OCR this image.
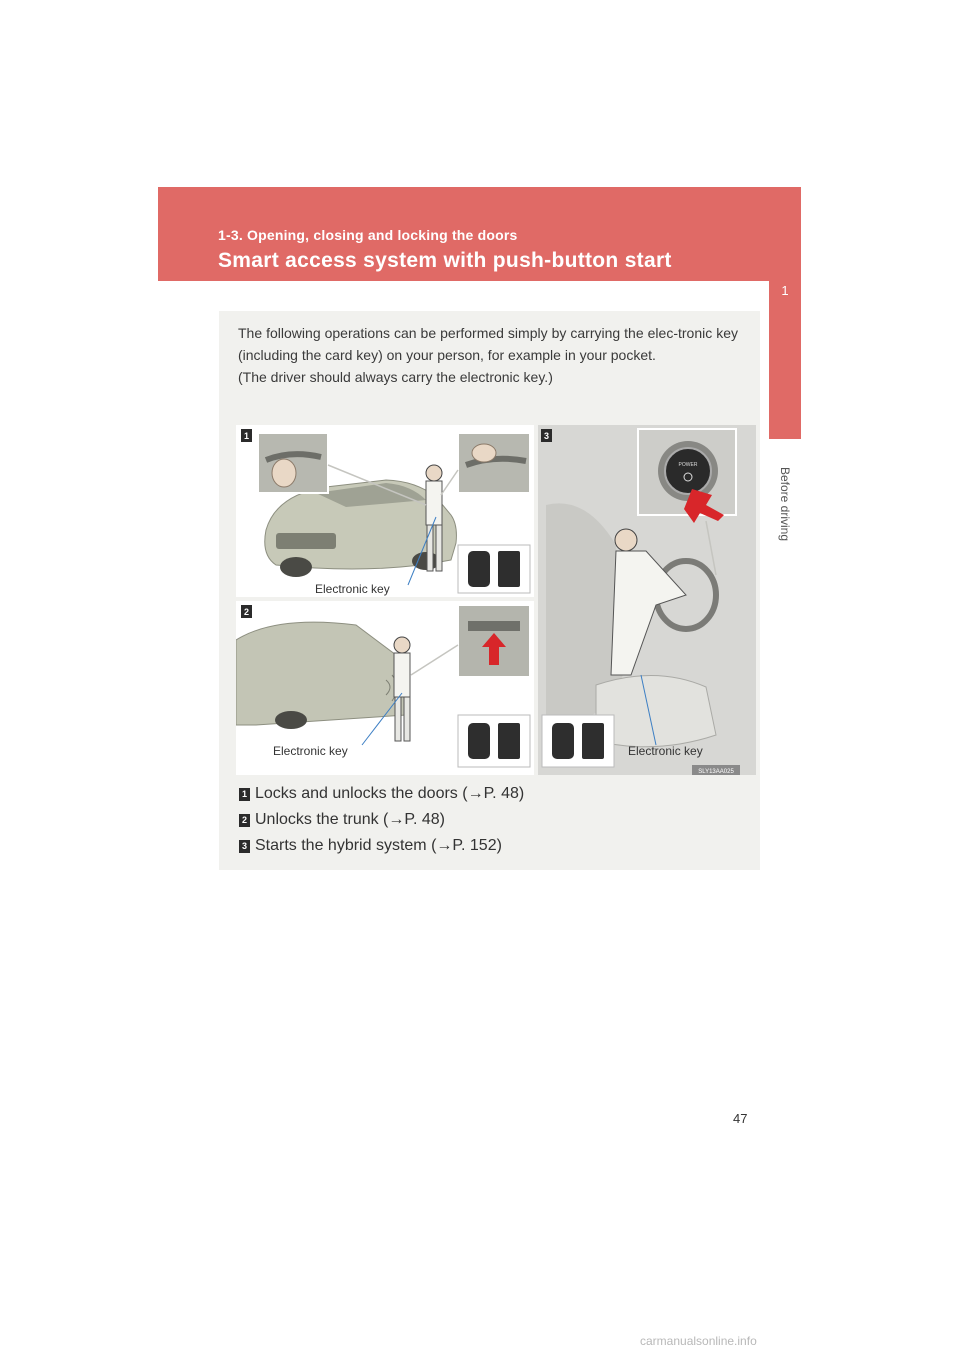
1-3. Opening, closing and locking the doors
Smart access system with push-button start
1
Before driving

The following operations can be performed simply by carrying the elec-tronic key (including the card key) on your person, for example in your pocket.

(The driver should always carry the electronic key.)

1
2
3
Electronic key
Electronic key
POWER
Electronic key
SLY13AA025
1 Locks and unlocks the doors (→P. 48)
2 Unlocks the trunk (→P. 48)
3 Starts the hybrid system (→P. 152)
47
carmanualsonline.info
